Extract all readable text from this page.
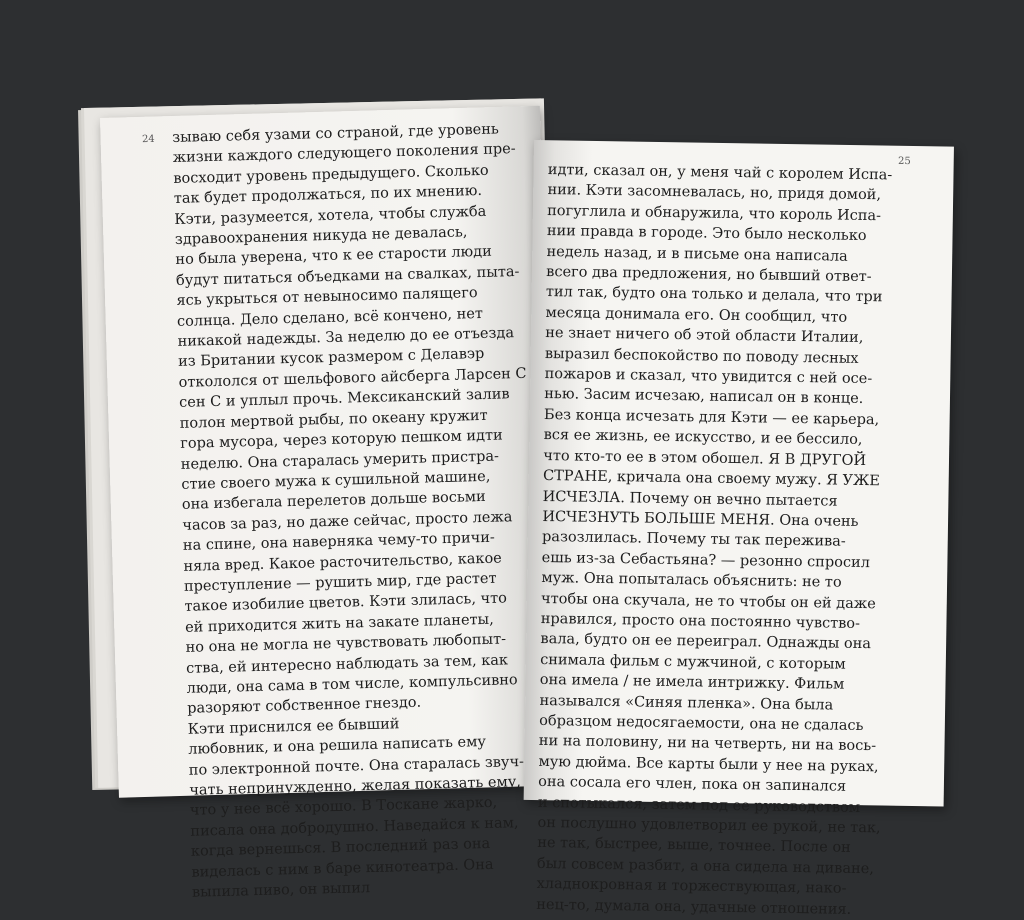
24
25
зываю себя узами со страной, где уровень
жизни каждого следующего поколения пре-
восходит уровень предыдущего. Сколько
так будет продолжаться, по их мнению.
Кэти, разумеется, хотела, чтобы служба
здравоохранения никуда не девалась,
но была уверена, что к ее старости люди
будут питаться объедками на свалках, пыта-
ясь укрыться от невыносимо палящего
солнца. Дело сделано, всё кончено, нет
никакой надежды. За неделю до ее отъезда
из Британии кусок размером с Делавэр
откололся от шельфового айсберга Ларсен С
сен С и уплыл прочь. Мексиканский залив
полон мертвой рыбы, по океану кружит
гора мусора, через которую пешком идти
неделю. Она старалась умерить пристра-
стие своего мужа к сушильной машине,
она избегала перелетов дольше восьми
часов за раз, но даже сейчас, просто лежа
на спине, она наверняка чему-то причи-
няла вред. Какое расточительство, какое
преступление — рушить мир, где растет
такое изобилие цветов. Кэти злилась, что
ей приходится жить на закате планеты,
но она не могла не чувствовать любопыт-
ства, ей интересно наблюдать за тем, как
люди, она сама в том числе, компульсивно
разоряют собственное гнездо.
Кэти приснился ее бывший
любовник, и она решила написать ему
по электронной почте. Она старалась звуч-
чать непринужденно, желая показать ему,
что у нее всё хорошо. В Тоскане жарко,
писала она добродушно. Наведайся к нам,
когда вернешься. В последний раз она
виделась с ним в баре кинотеатра. Она
выпила пиво, он выпил
идти, сказал он, у меня чай с королем Испа-
нии. Кэти засомневалась, но, придя домой,
погуглила и обнаружила, что король Испа-
нии правда в городе. Это было несколько
недель назад, и в письме она написала
всего два предложения, но бывший ответ-
тил так, будто она только и делала, что три
месяца донимала его. Он сообщил, что
не знает ничего об этой области Италии,
выразил беспокойство по поводу лесных
пожаров и сказал, что увидится с ней осе-
нью. Засим исчезаю, написал он в конце.
Без конца исчезать для Кэти — ее карьера,
вся ее жизнь, ее искусство, и ее бессило,
что кто-то ее в этом обошел. Я В ДРУГОЙ
СТРАНЕ, кричала она своему мужу. Я УЖЕ
ИСЧЕЗЛА. Почему он вечно пытается
ИСЧЕЗНУТЬ БОЛЬШЕ МЕНЯ. Она очень
разозлилась. Почему ты так пережива-
ешь из-за Себастьяна? — резонно спросил
муж. Она попыталась объяснить: не то
чтобы она скучала, не то чтобы он ей даже
нравился, просто она постоянно чувство-
вала, будто он ее переиграл. Однажды она
снимала фильм с мужчиной, с которым
она имела / не имела интрижку. Фильм
назывался «Синяя пленка». Она была
образцом недосягаемости, она не сдалась
ни на половину, ни на четверть, ни на вось-
мую дюйма. Все карты были у нее на руках,
она сосала его член, пока он запинался
и спотыкался, затем под ее руководством
он послушно удовлетворил ее рукой, не так,
не так, быстрее, выше, точнее. После он
был совсем разбит, а она сидела на диване,
хладнокровная и торжествующая, нако-
нец-то, думала она, удачные отношения.
